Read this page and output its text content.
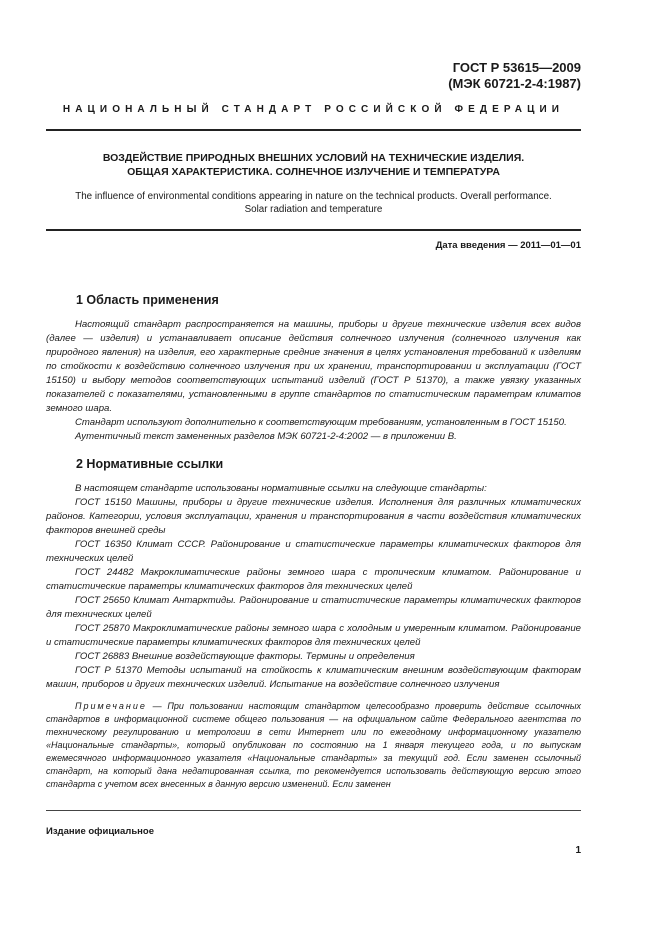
ГОСТ Р 53615—2009
(МЭК 60721-2-4:1987)
НАЦИОНАЛЬНЫЙ СТАНДАРТ РОССИЙСКОЙ ФЕДЕРАЦИИ
ВОЗДЕЙСТВИЕ ПРИРОДНЫХ ВНЕШНИХ УСЛОВИЙ НА ТЕХНИЧЕСКИЕ ИЗДЕЛИЯ.
ОБЩАЯ ХАРАКТЕРИСТИКА. СОЛНЕЧНОЕ ИЗЛУЧЕНИЕ И ТЕМПЕРАТУРА
The influence of environmental conditions appearing in nature on the technical products. Overall performance.
Solar radiation and temperature
Дата введения — 2011—01—01
1 Область применения

Настоящий стандарт распространяется на машины, приборы и другие технические изделия всех видов (далее — изделия) и устанавливает описание действия солнечного излучения (солнечного излучения как природного явления) на изделия, его характерные средние значения в целях установления требований к изделиям по стойкости к воздействию солнечного излучения при их хранении, транспортировании и эксплуатации (ГОСТ 15150) и выбору методов соответствующих испытаний изделий (ГОСТ Р 51370), а также увязку указанных показателей с показателями, установленными в группе стандартов по статистическим параметрам климатов земного шара.

Стандарт используют дополнительно к соответствующим требованиям, установленным в ГОСТ 15150.

Аутентичный текст замененных разделов МЭК 60721-2-4:2002 — в приложении В.

2 Нормативные ссылки

В настоящем стандарте использованы нормативные ссылки на следующие стандарты:

ГОСТ 15150 Машины, приборы и другие технические изделия. Исполнения для различных климатических районов. Категории, условия эксплуатации, хранения и транспортирования в части воздействия климатических факторов внешней среды

ГОСТ 16350 Климат СССР. Районирование и статистические параметры климатических факторов для технических целей

ГОСТ 24482 Макроклиматические районы земного шара с тропическим климатом. Районирование и статистические параметры климатических факторов для технических целей

ГОСТ 25650 Климат Антарктиды. Районирование и статистические параметры климатических факторов для технических целей

ГОСТ 25870 Макроклиматические районы земного шара с холодным и умеренным климатом. Районирование и статистические параметры климатических факторов для технических целей

ГОСТ 26883 Внешние воздействующие факторы. Термины и определения

ГОСТ Р 51370 Методы испытаний на стойкость к климатическим внешним воздействующим факторам машин, приборов и других технических изделий. Испытание на воздействие солнечного излучения

Примечание — При пользовании настоящим стандартом целесообразно проверить действие ссылочных стандартов в информационной системе общего пользования — на официальном сайте Федерального агентства по техническому регулированию и метрологии в сети Интернет или по ежегодному информационному указателю «Национальные стандарты», который опубликован по состоянию на 1 января текущего года, и по выпускам ежемесячного информационного указателя «Национальные стандарты» за текущий год. Если заменен ссылочный стандарт, на который дана недатированная ссылка, то рекомендуется использовать действующую версию этого стандарта с учетом всех внесенных в данную версию изменений. Если заменен

Издание официальное
1
